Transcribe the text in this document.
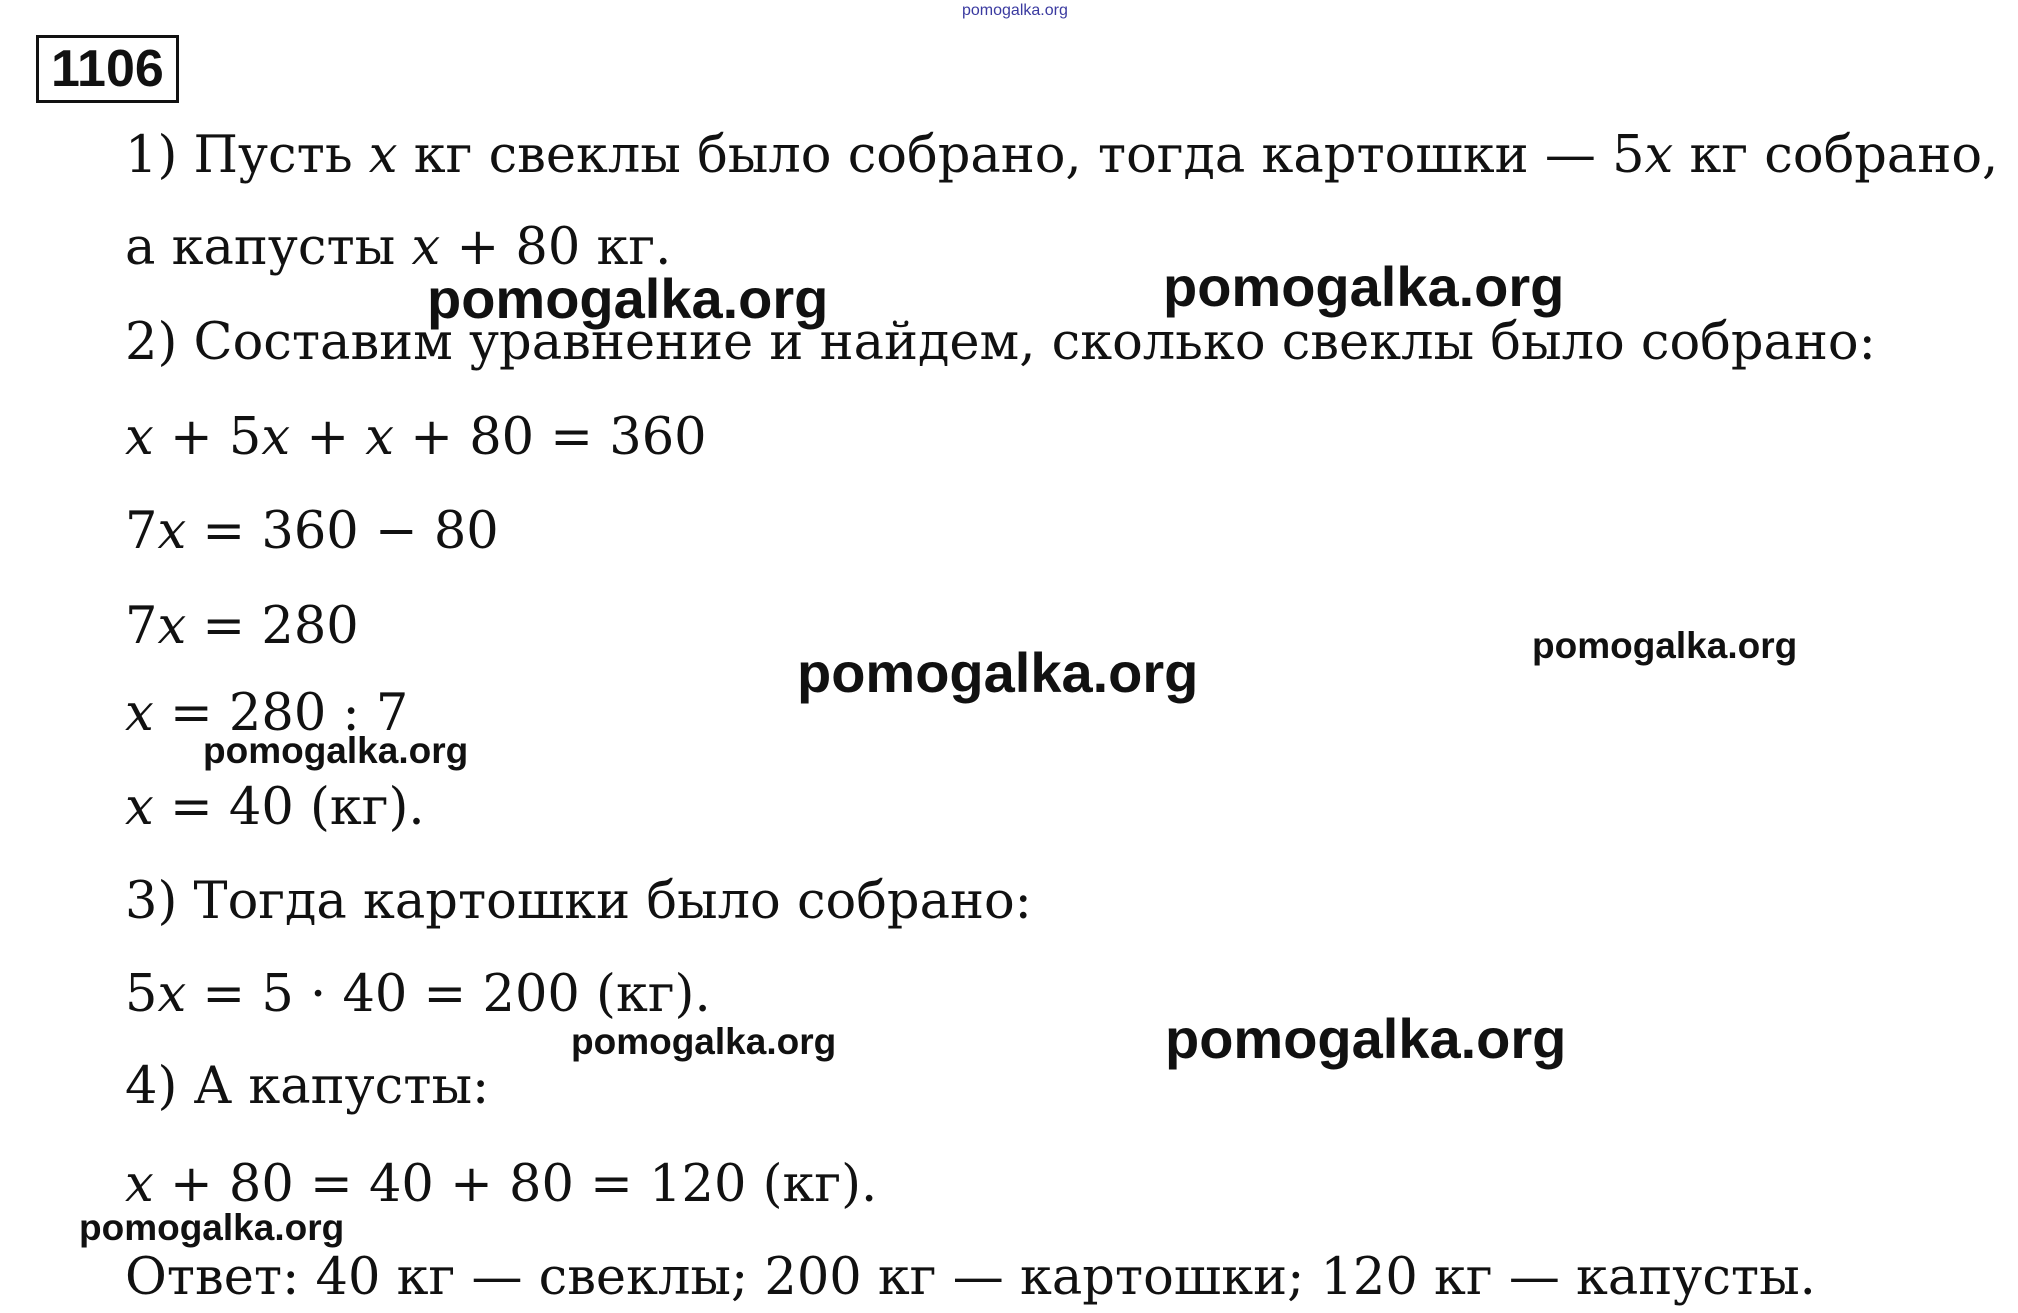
pomogalka.org
1106
1) Пусть 𝑥 кг свеклы было собрано, тогда картошки — 5𝑥 кг собрано,
а капусты 𝑥 + 80 кг.
2) Составим уравнение и найдем, сколько свеклы было собрано:
𝑥 + 5𝑥 + 𝑥 + 80 = 360
7𝑥 = 360 − 80
7𝑥 = 280
𝑥 = 280 : 7
𝑥 = 40 (кг).
3) Тогда картошки было собрано:
5𝑥 = 5 · 40 = 200 (кг).
4) А капусты:
𝑥 + 80 = 40 + 80 = 120 (кг).
Ответ: 40 кг — свеклы; 200 кг — картошки; 120 кг — капусты.
pomogalka.org	pomogalka.org
pomogalka.org	pomogalka.org
pomogalka.org
pomogalka.org	pomogalka.org
pomogalka.org
